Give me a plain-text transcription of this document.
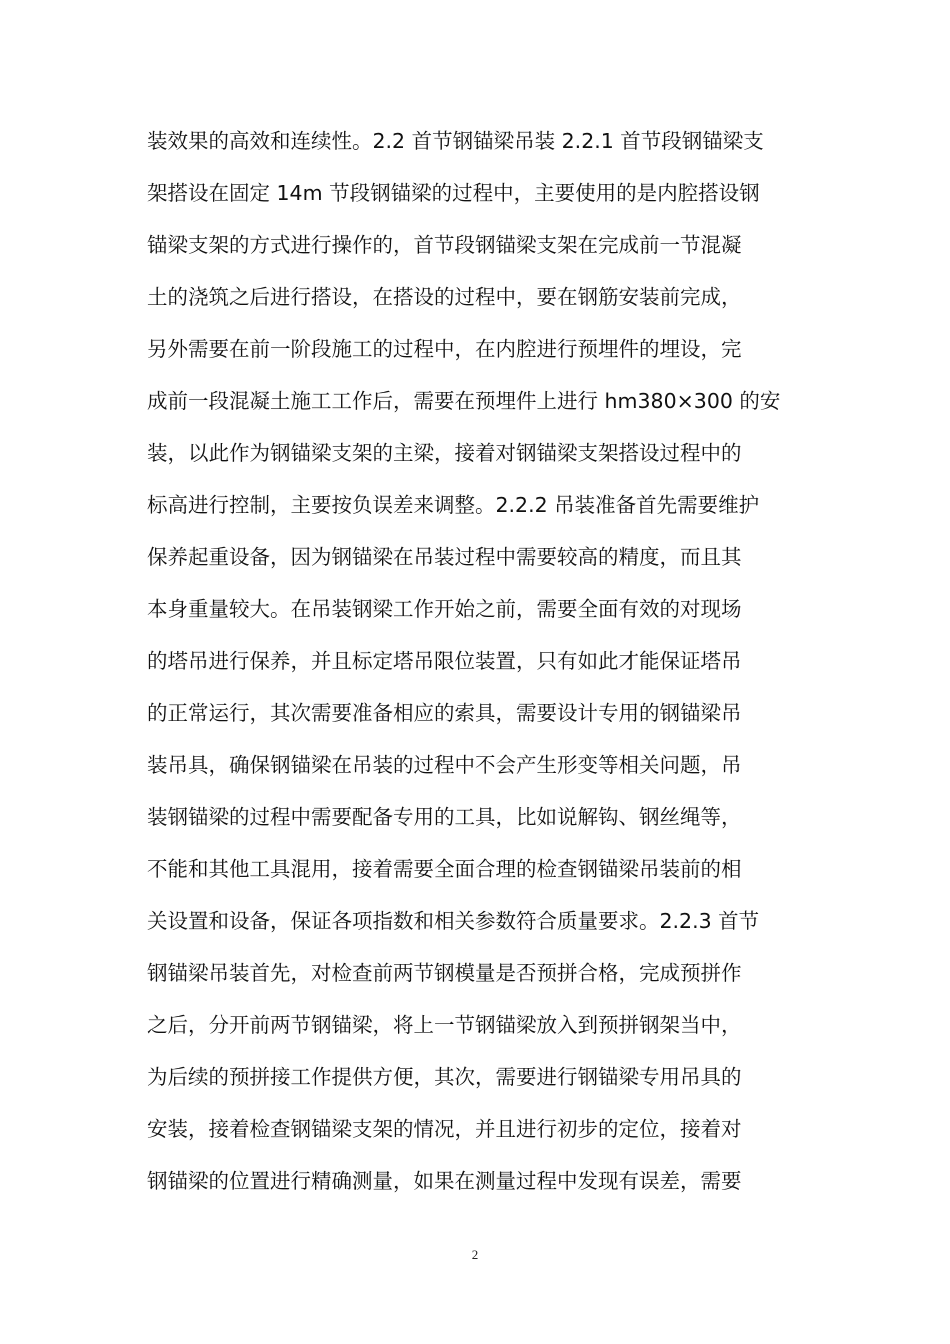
装效果的高效和连续性。2.2 首节钢锚梁吊装 2.2.1 首节段钢锚梁支
架搭设在固定 14m 节段钢锚梁的过程中，主要使用的是内腔搭设钢
锚梁支架的方式进行操作的，首节段钢锚梁支架在完成前一节混凝
土的浇筑之后进行搭设，在搭设的过程中，要在钢筋安装前完成，
另外需要在前一阶段施工的过程中，在内腔进行预埋件的埋设，完
成前一段混凝土施工工作后，需要在预埋件上进行 hm380×300 的安
装，以此作为钢锚梁支架的主梁，接着对钢锚梁支架搭设过程中的
标高进行控制，主要按负误差来调整。2.2.2 吊装准备首先需要维护
保养起重设备，因为钢锚梁在吊装过程中需要较高的精度，而且其
本身重量较大。在吊装钢梁工作开始之前，需要全面有效的对现场
的塔吊进行保养，并且标定塔吊限位装置，只有如此才能保证塔吊
的正常运行，其次需要准备相应的索具，需要设计专用的钢锚梁吊
装吊具，确保钢锚梁在吊装的过程中不会产生形变等相关问题，吊
装钢锚梁的过程中需要配备专用的工具，比如说解钩、钢丝绳等，
不能和其他工具混用，接着需要全面合理的检查钢锚梁吊装前的相
关设置和设备，保证各项指数和相关参数符合质量要求。2.2.3 首节
钢锚梁吊装首先，对检查前两节钢模量是否预拼合格，完成预拼作
之后，分开前两节钢锚梁，将上一节钢锚梁放入到预拼钢架当中，
为后续的预拼接工作提供方便，其次，需要进行钢锚梁专用吊具的
安装，接着检查钢锚梁支架的情况，并且进行初步的定位，接着对
钢锚梁的位置进行精确测量，如果在测量过程中发现有误差，需要
2
